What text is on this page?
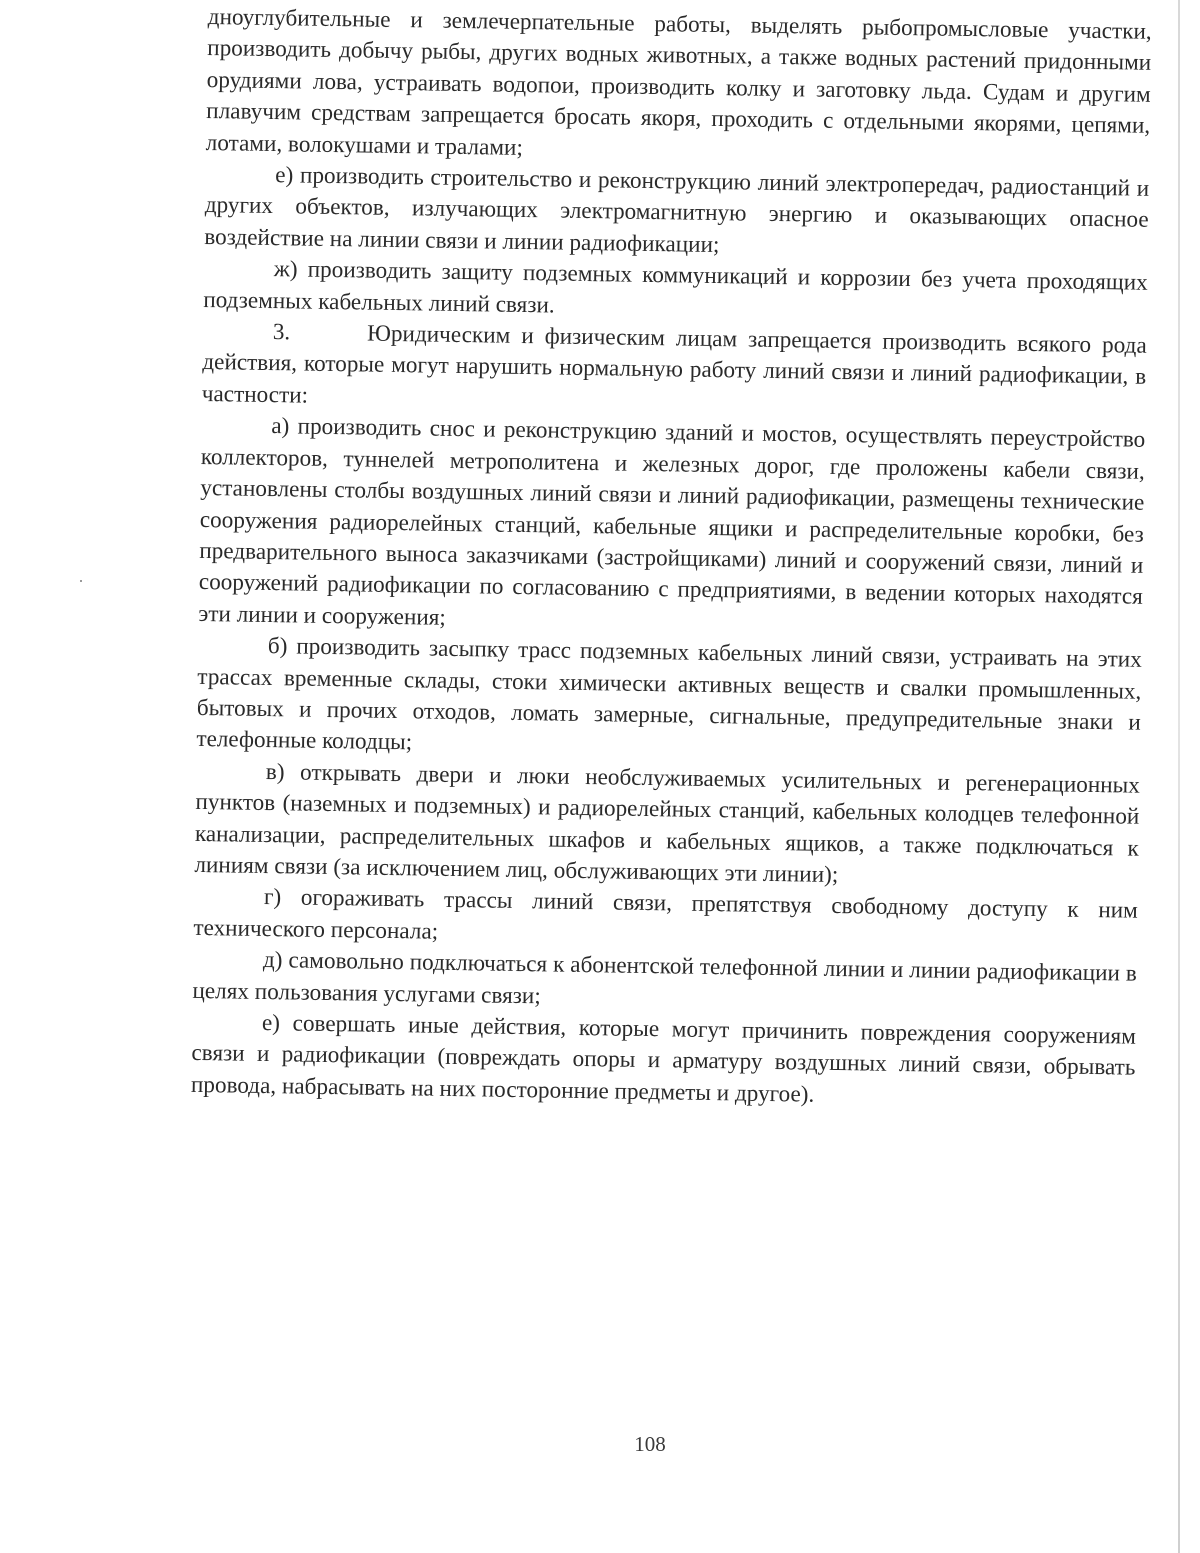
дноуглубительные и землечерпательные работы, выделять рыбопромысловые участки, производить добычу рыбы, других водных животных, а также водных растений придонными орудиями лова, устраивать водопои, производить колку и заготовку льда. Судам и другим плавучим средствам запрещается бросать якоря, проходить с отдельными якорями, цепями, лотами, волокушами и тралами;

е) производить строительство и реконструкцию линий электропередач, радиостанций и других объектов, излучающих электромагнитную энергию и оказывающих опасное воздействие на линии связи и линии радиофикации;

ж) производить защиту подземных коммуникаций и коррозии без учета проходящих подземных кабельных линий связи.

3.       Юридическим и физическим лицам запрещается производить всякого рода действия, которые могут нарушить нормальную работу линий связи и линий радиофикации, в частности:

а) производить снос и реконструкцию зданий и мостов, осуществлять переустройство коллекторов, туннелей метрополитена и железных дорог, где проложены кабели связи, установлены столбы воздушных линий связи и линий радиофикации, размещены технические сооружения радиорелейных станций, кабельные ящики и распределительные коробки, без предварительного выноса заказчиками (застройщиками) линий и сооружений связи, линий и сооружений радиофикации по согласованию с предприятиями, в ведении которых находятся эти линии и сооружения;

б) производить засыпку трасс подземных кабельных линий связи, устраивать на этих трассах временные склады, стоки химически активных веществ и свалки промышленных, бытовых и прочих отходов, ломать замерные, сигнальные, предупредительные знаки и телефонные колодцы;

в) открывать двери и люки необслуживаемых усилительных и регенерационных пунктов (наземных и подземных) и радиорелейных станций, кабельных колодцев телефонной канализации, распределительных шкафов и кабельных ящиков, а также подключаться к линиям связи (за исключением лиц, обслуживающих эти линии);

г) огораживать трассы линий связи, препятствуя свободному доступу к ним технического персонала;

д) самовольно подключаться к абонентской телефонной линии и линии радиофикации в целях пользования услугами связи;

е) совершать иные действия, которые могут причинить повреждения сооружениям связи и радиофикации (повреждать опоры и арматуру воздушных линий связи, обрывать провода, набрасывать на них посторонние предметы и другое).

108
